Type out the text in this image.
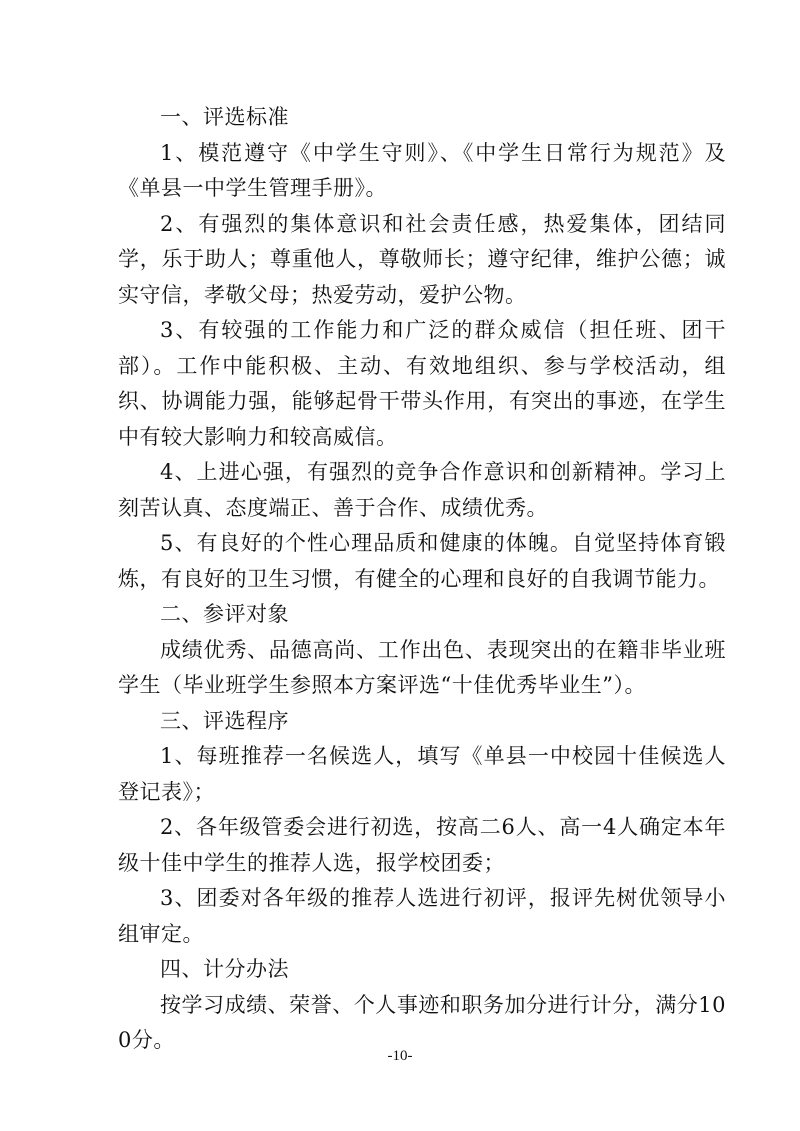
一、评选标准

1、模范遵守《中学生守则》、《中学生日常行为规范》及《单县一中学生管理手册》。

2、有强烈的集体意识和社会责任感，热爱集体，团结同学，乐于助人；尊重他人，尊敬师长；遵守纪律，维护公德；诚实守信，孝敬父母；热爱劳动，爱护公物。

3、有较强的工作能力和广泛的群众威信（担任班、团干部）。工作中能积极、主动、有效地组织、参与学校活动，组织、协调能力强，能够起骨干带头作用，有突出的事迹，在学生中有较大影响力和较高威信。

4、上进心强，有强烈的竞争合作意识和创新精神。学习上刻苦认真、态度端正、善于合作、成绩优秀。

5、有良好的个性心理品质和健康的体魄。自觉坚持体育锻炼，有良好的卫生习惯，有健全的心理和良好的自我调节能力。

二、参评对象

成绩优秀、品德高尚、工作出色、表现突出的在籍非毕业班学生（毕业班学生参照本方案评选“十佳优秀毕业生”）。

三、评选程序

1、每班推荐一名候选人，填写《单县一中校园十佳候选人登记表》；

2、各年级管委会进行初选，按高二6人、高一4人确定本年级十佳中学生的推荐人选，报学校团委；

3、团委对各年级的推荐人选进行初评，报评先树优领导小组审定。

四、计分办法

按学习成绩、荣誉、个人事迹和职务加分进行计分，满分100分。

-10-
